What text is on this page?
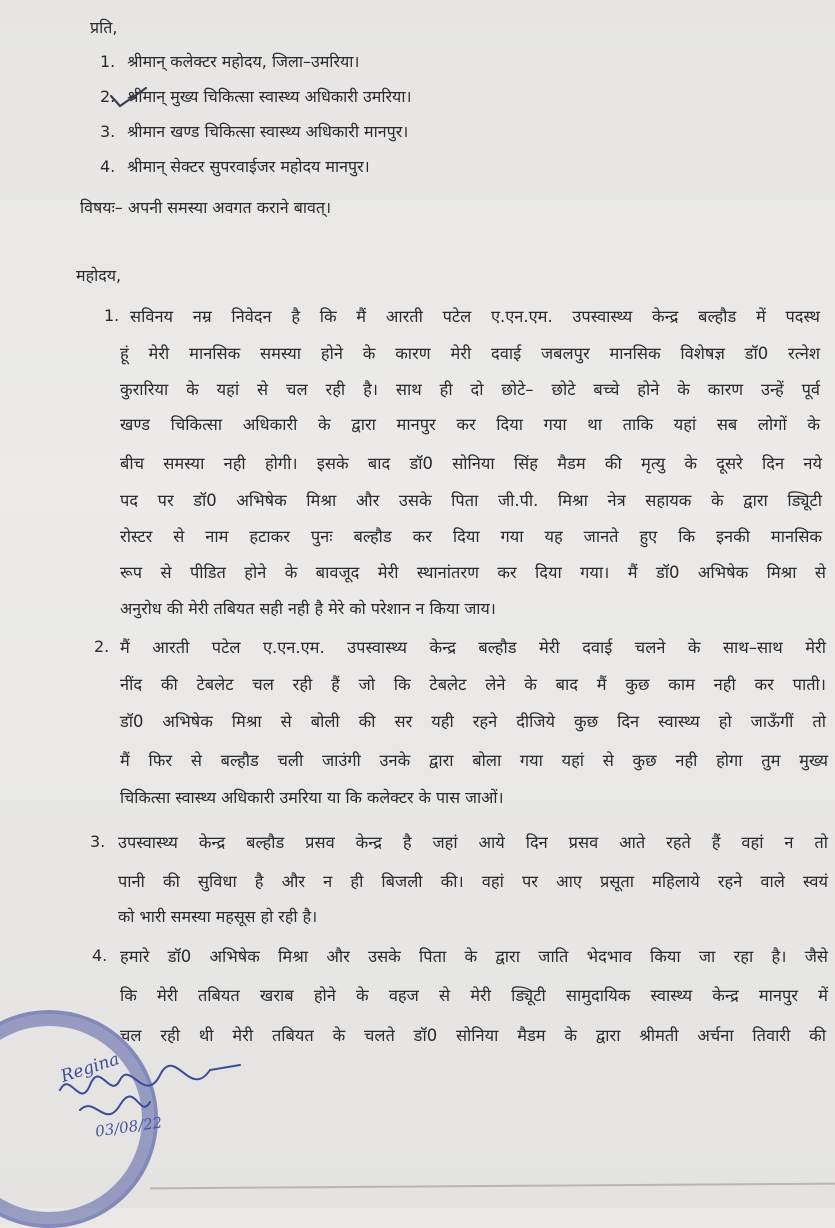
प्रति,
1. श्रीमान् कलेक्टर महोदय, जिला–उमरिया।
2. श्रीमान् मुख्य चिकित्सा स्वास्थ्य अधिकारी उमरिया।
3. श्रीमान खण्ड चिकित्सा स्वास्थ्य अधिकारी मानपुर।
4. श्रीमान् सेक्टर सुपरवाईजर महोदय मानपुर।
विषयः– अपनी समस्या अवगत कराने बावत्।
महोदय,
1. सविनय नम्र निवेदन है कि मैं आरती पटेल ए.एन.एम. उपस्वास्थ्य केन्द्र बल्हौड में पदस्थ
हूं मेरी मानसिक समस्या होने के कारण मेरी दवाई जबलपुर मानसिक विशेषज्ञ डॉ0 रत्नेश
कुरारिया के यहां से चल रही है। साथ ही दो छोटे– छोटे बच्चे होने के कारण उन्हें पूर्व
खण्ड चिकित्सा अधिकारी के द्वारा मानपुर कर दिया गया था ताकि यहां सब लोगों के
बीच समस्या नही होगी। इसके बाद डॉ0 सोनिया सिंह मैडम की मृत्यु के दूसरे दिन नये
पद पर डॉ0 अभिषेक मिश्रा और उसके पिता जी.पी. मिश्रा नेत्र सहायक के द्वारा ड्यिूटी
रोस्टर से नाम हटाकर पुनः बल्हौड कर दिया गया यह जानते हुए कि इनकी मानसिक
रूप से पीडित होने के बावजूद मेरी स्थानांतरण कर दिया गया। मैं डॉ0 अभिषेक मिश्रा से
अनुरोध की मेरी तबियत सही नही है मेरे को परेशान न किया जाय।
2. मैं आरती पटेल ए.एन.एम. उपस्वास्थ्य केन्द्र बल्हौड मेरी दवाई चलने के साथ–साथ मेरी
नींद की टेबलेट चल रही हैं जो कि टेबलेट लेने के बाद मैं कुछ काम नही कर पाती।
डॉ0 अभिषेक मिश्रा से बोली की सर यही रहने दीजिये कुछ दिन स्वास्थ्य हो जाऊँगीं तो
मैं फिर से बल्हौड चली जाउंगी उनके द्वारा बोला गया यहां से कुछ नही होगा तुम मुख्य
चिकित्सा स्वास्थ्य अधिकारी उमरिया या कि कलेक्टर के पास जाओं।
3. उपस्वास्थ्य केन्द्र बल्हौड प्रसव केन्द्र है जहां आये दिन प्रसव आते रहते हैं वहां न तो
पानी की सुविधा है और न ही बिजली की। वहां पर आए प्रसूता महिलाये रहने वाले स्वयं
को भारी समस्या महसूस हो रही है।
4. हमारे डॉ0 अभिषेक मिश्रा और उसके पिता के द्वारा जाति भेदभाव किया जा रहा है। जैसे
कि मेरी तबियत खराब होने के वहज से मेरी ड्यिूटी सामुदायिक स्वास्थ्य केन्द्र मानपुर में
चल रही थी मेरी तबियत के चलते डॉ0 सोनिया मैडम के द्वारा श्रीमती अर्चना तिवारी की
Regina
03/08/22
